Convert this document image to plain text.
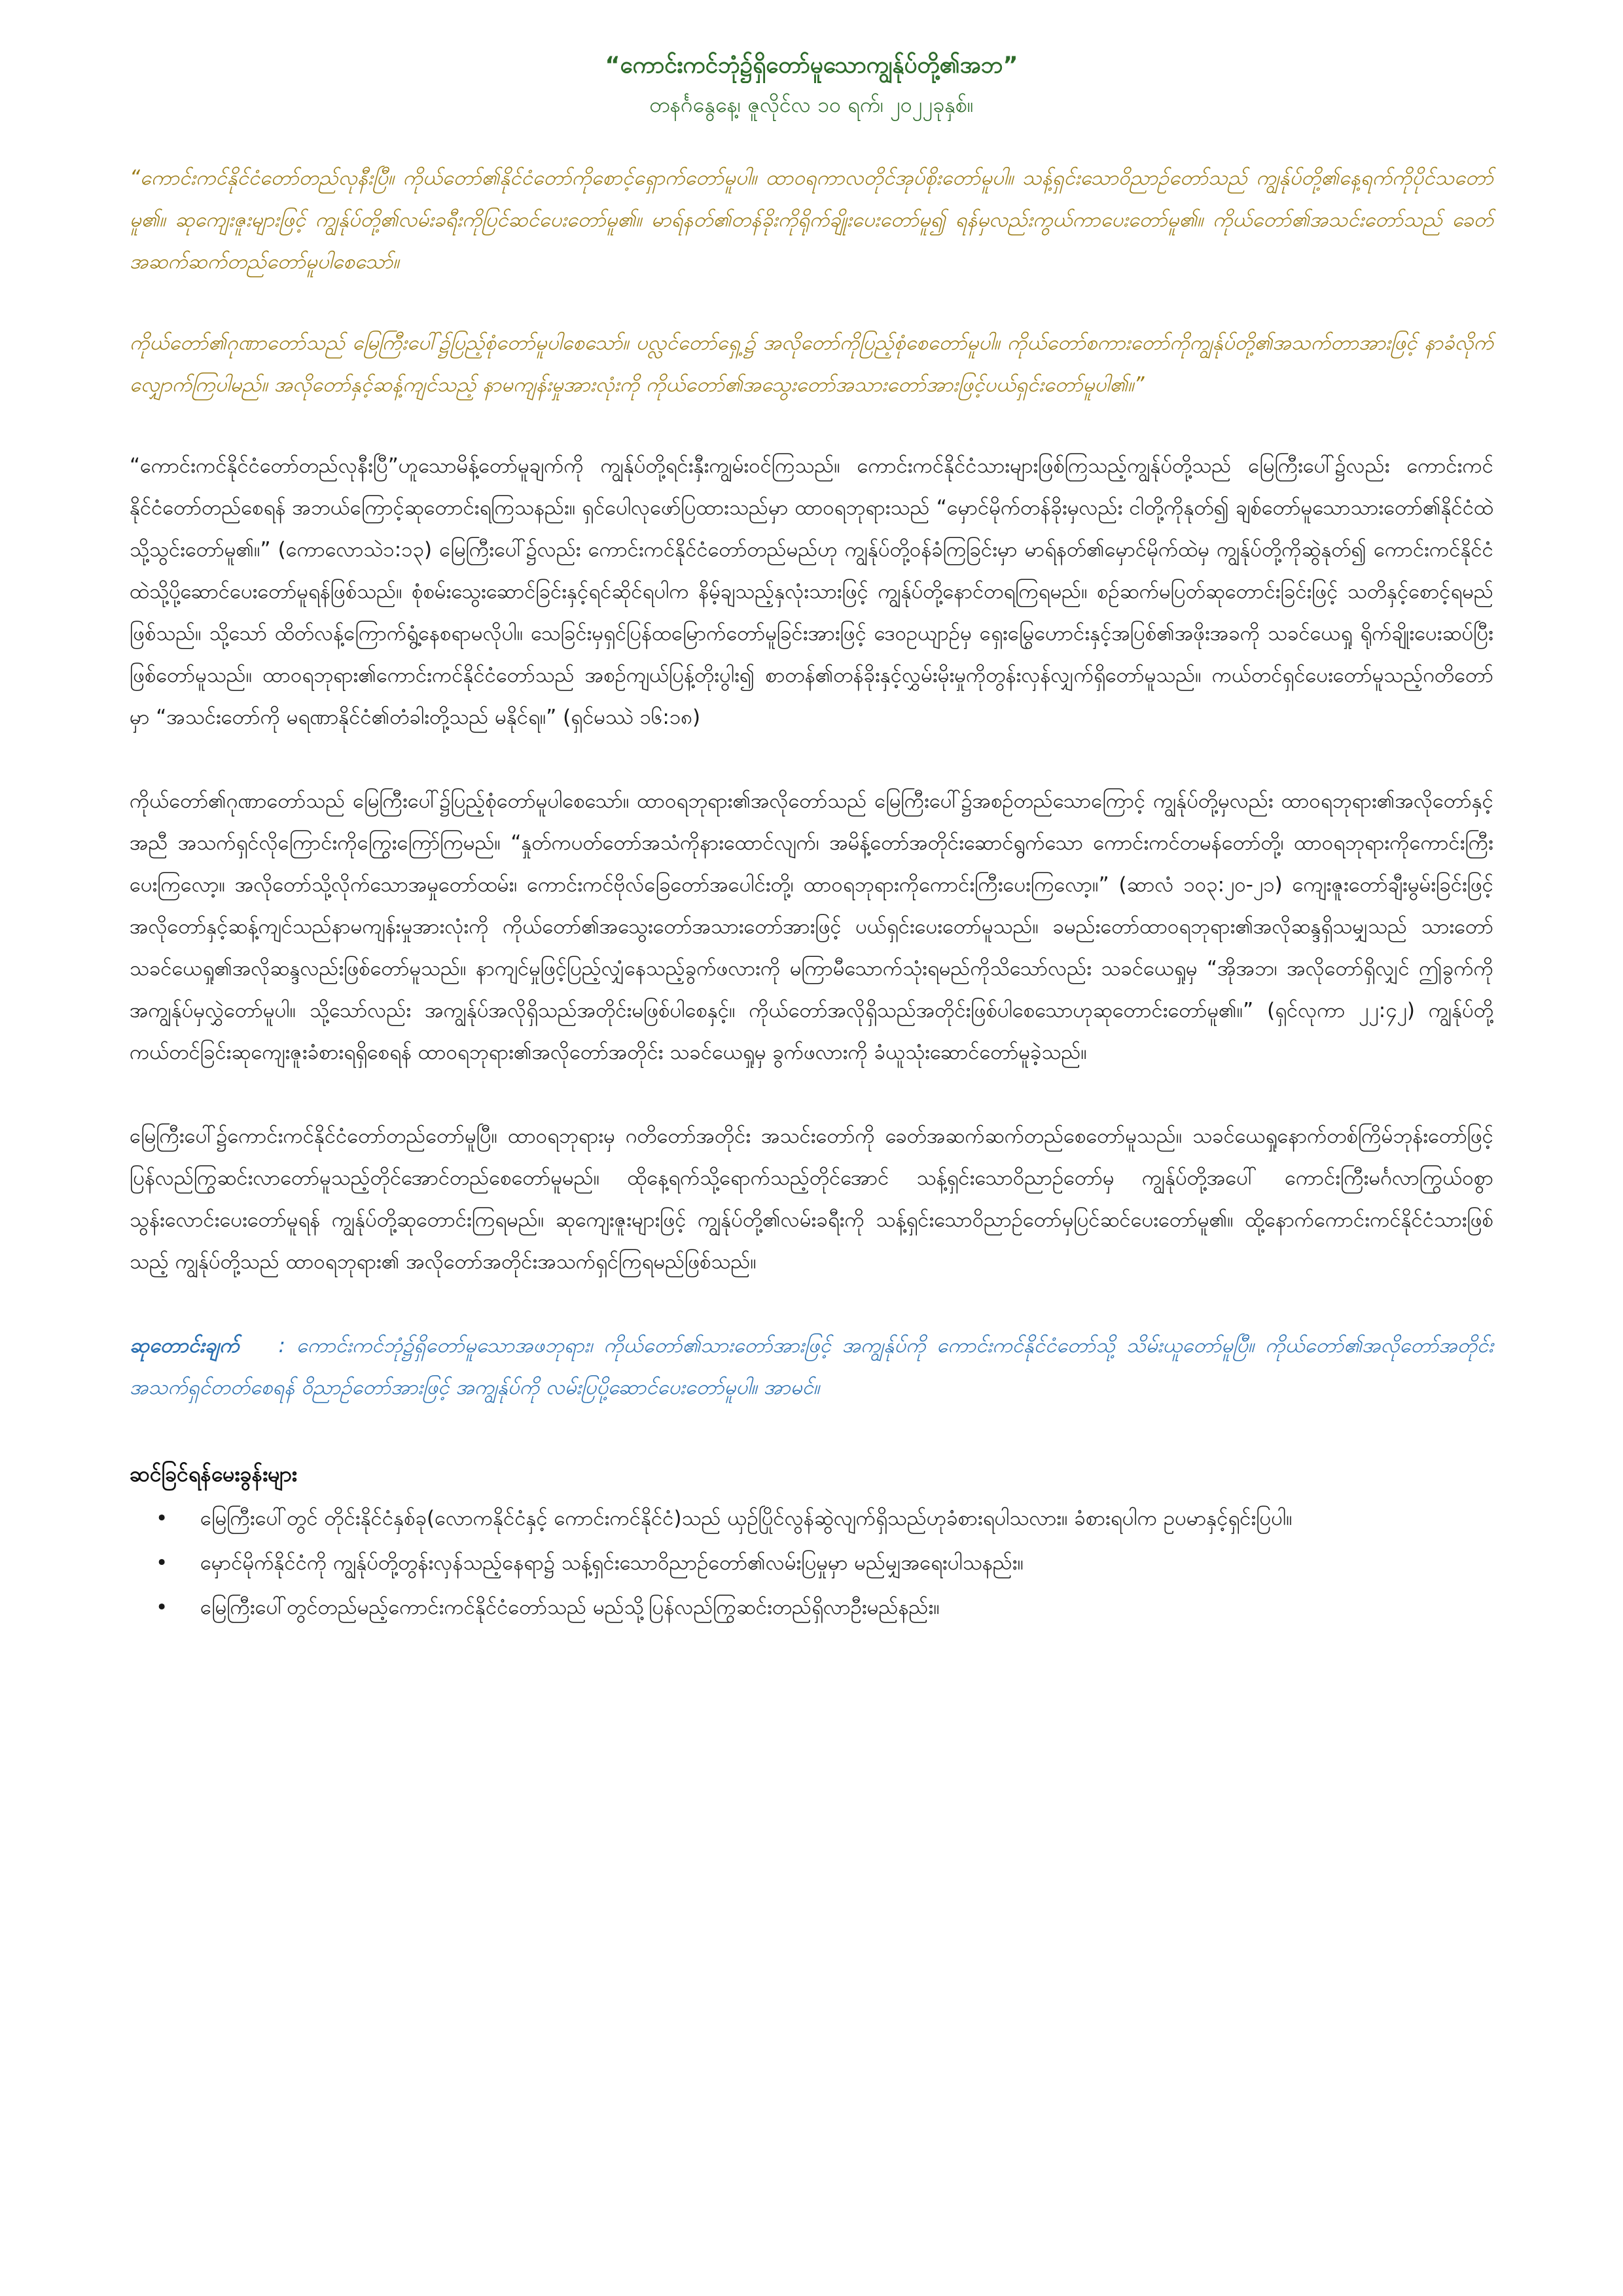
“ကောင်းကင်ဘုံ၌ရှိတော်မူသောကျွန်ုပ်တို့၏အဘ”

တနင်္ဂနွေနေ့၊ ဇူလိုင်လ ၁၀ ရက်၊ ၂၀၂၂ခုနှစ်။

“ကောင်းကင်နိုင်ငံတော်တည်လုနီးပြီ။ ကိုယ်တော်၏နိုင်ငံတော်ကိုစောင့်ရှောက်တော်မူပါ။ ထာဝရကာလတိုင်အုပ်စိုးတော်မူပါ။ သန့်ရှင်းသောဝိညာဉ်တော်သည် ကျွန်ုပ်တို့၏နေ့ရက်ကိုပိုင်သတော်မူ၏။ ဆုကျေးဇူးများဖြင့် ကျွန်ုပ်တို့၏လမ်းခရီးကိုပြင်ဆင်ပေးတော်မူ၏။ မာရ်နတ်၏တန်ခိုးကိုရိုက်ချိုးပေးတော်မူ၍ ရန်မှလည်းကွယ်ကာပေးတော်မူ၏။ ကိုယ်တော်၏အသင်းတော်သည် ခေတ်အဆက်ဆက်တည်တော်မူပါစေသော်။

ကိုယ်တော်၏ဂုဏာတော်သည် မြေကြီးပေါ်၌ပြည့်စုံတော်မူပါစေသော်။ ပလ္လင်တော်ရှေ့၌ အလိုတော်ကိုပြည့်စုံစေတော်မူပါ။ ကိုယ်တော်စကားတော်ကိုကျွန်ုပ်တို့၏အသက်တာအားဖြင့် နာခံလိုက်လျှောက်ကြပါမည်။ အလိုတော်နှင့်ဆန့်ကျင်သည့် နာမကျန်းမှုအားလုံးကို ကိုယ်တော်၏အသွေးတော်အသားတော်အားဖြင့်ပယ်ရှင်းတော်မူပါ၏။”

“ကောင်းကင်နိုင်ငံတော်တည်လုနီးပြီ”ဟူသောမိန့်တော်မူချက်ကို ကျွန်ုပ်တို့ရင်းနှီးကျွမ်းဝင်ကြသည်။ ကောင်းကင်နိုင်ငံသားများဖြစ်ကြသည့်ကျွန်ုပ်တို့သည် မြေကြီးပေါ်၌လည်း ကောင်းကင်နိုင်ငံတော်တည်စေရန် အဘယ်ကြောင့်ဆုတောင်းရကြသနည်း။ ရှင်ပေါလုဖော်ပြထားသည်မှာ ထာဝရဘုရားသည် “မှောင်မိုက်တန်ခိုးမှလည်း ငါတို့ကိုနုတ်၍ ချစ်တော်မူသောသားတော်၏နိုင်ငံထဲသို့သွင်းတော်မူ၏။” (ကောလောသဲ၁:၁၃) မြေကြီးပေါ်၌လည်း ကောင်းကင်နိုင်ငံတော်တည်မည်ဟု ကျွန်ုပ်တို့ဝန်ခံကြခြင်းမှာ မာရ်နတ်၏မှောင်မိုက်ထဲမှ ကျွန်ုပ်တို့ကိုဆွဲနုတ်၍ ကောင်းကင်နိုင်ငံထဲသို့ပို့ဆောင်ပေးတော်မူရန်ဖြစ်သည်။ စုံစမ်းသွေးဆောင်ခြင်းနှင့်ရင်ဆိုင်ရပါက နိမ့်ချသည့်နှလုံးသားဖြင့် ကျွန်ုပ်တို့နောင်တရကြရမည်။ စဉ်ဆက်မပြတ်ဆုတောင်းခြင်းဖြင့် သတိနှင့်စောင့်ရမည်ဖြစ်သည်။ သို့သော် ထိတ်လန့်ကြောက်ရွံ့နေစရာမလိုပါ။ သေခြင်းမှရှင်ပြန်ထမြောက်တော်မူခြင်းအားဖြင့် ဒေဝဥယျာဉ်မှ ရှေးမြွေဟောင်းနှင့်အပြစ်၏အဖိုးအခကို သခင်ယေရှု ရိုက်ချိုးပေးဆပ်ပြီးဖြစ်တော်မူသည်။ ထာဝရဘုရား၏ကောင်းကင်နိုင်ငံတော်သည် အစဉ်ကျယ်ပြန့်တိုးပွါး၍ စာတန်၏တန်ခိုးနှင့်လွှမ်းမိုးမှုကိုတွန်းလှန်လျှက်ရှိတော်မူသည်။ ကယ်တင်ရှင်ပေးတော်မူသည့်ဂတိတော်မှာ “အသင်းတော်ကို မရဏာနိုင်ငံ၏တံခါးတို့သည် မနိုင်ရ။” (ရှင်မဿဲ ၁၆:၁၈)

ကိုယ်တော်၏ဂုဏာတော်သည် မြေကြီးပေါ်၌ပြည့်စုံတော်မူပါစေသော်။ ထာဝရဘုရား၏အလိုတော်သည် မြေကြီးပေါ်၌အစဉ်တည်သောကြောင့် ကျွန်ုပ်တို့မှလည်း ထာဝရဘုရား၏အလိုတော်နှင့်အညီ အသက်ရှင်လိုကြောင်းကိုကြွေးကြော်ကြမည်။ “နှုတ်ကပတ်တော်အသံကိုနားထောင်လျက်၊ အမိန့်တော်အတိုင်းဆောင်ရွက်သော ကောင်းကင်တမန်တော်တို့၊ ထာဝရဘုရားကိုကောင်းကြီးပေးကြလော့။ အလိုတော်သို့လိုက်သောအမှုတော်ထမ်း၊ ကောင်းကင်ဗိုလ်ခြေတော်အပေါင်းတို့၊ ထာဝရဘုရားကိုကောင်းကြီးပေးကြလော့။” (ဆာလံ ၁၀၃:၂၀-၂၁) ကျေးဇူးတော်ချီးမွမ်းခြင်းဖြင့် အလိုတော်နှင့်ဆန့်ကျင်သည်နာမကျန်းမှုအားလုံးကို ကိုယ်တော်၏အသွေးတော်အသားတော်အားဖြင့် ပယ်ရှင်းပေးတော်မူသည်။ ခမည်းတော်ထာဝရဘုရား၏အလိုဆန္ဒရှိသမျှသည် သားတော်သခင်ယေရှု၏အလိုဆန္ဒလည်းဖြစ်တော်မူသည်။ နာကျင်မှုဖြင့်ပြည့်လျှံနေသည့်ခွက်ဖလားကို မကြာမီသောက်သုံးရမည်ကိုသိသော်လည်း သခင်ယေရှုမှ “အိုအဘ၊ အလိုတော်ရှိလျှင် ဤခွက်ကို အကျွန်ုပ်မှလွှဲတော်မူပါ။ သို့သော်လည်း အကျွန်ုပ်အလိုရှိသည်အတိုင်းမဖြစ်ပါစေနှင့်။ ကိုယ်တော်အလိုရှိသည်အတိုင်းဖြစ်ပါစေသောဟုဆုတောင်းတော်မူ၏။” (ရှင်လုကာ ၂၂:၄၂) ကျွန်ုပ်တို့ ကယ်တင်ခြင်းဆုကျေးဇူးခံစားရရှိစေရန် ထာဝရဘုရား၏အလိုတော်အတိုင်း သခင်ယေရှုမှ ခွက်ဖလားကို ခံယူသုံးဆောင်တော်မူခဲ့သည်။

မြေကြီးပေါ်၌ကောင်းကင်နိုင်ငံတော်တည်တော်မူပြီ။ ထာဝရဘုရားမှ ဂတိတော်အတိုင်း အသင်းတော်ကို ခေတ်အဆက်ဆက်တည်စေတော်မူသည်။ သခင်ယေရှုနောက်တစ်ကြိမ်ဘုန်းတော်ဖြင့် ပြန်လည်ကြွဆင်းလာတော်မူသည့်တိုင်အောင်တည်စေတော်မူမည်။ ထိုနေ့ရက်သို့ရောက်သည့်တိုင်အောင် သန့်ရှင်းသောဝိညာဉ်တော်မှ ကျွန်ုပ်တို့အပေါ် ကောင်းကြီးမင်္ဂလာကြွယ်ဝစွာသွန်းလောင်းပေးတော်မူရန် ကျွန်ုပ်တို့ဆုတောင်းကြရမည်။ ဆုကျေးဇူးများဖြင့် ကျွန်ုပ်တို့၏လမ်းခရီးကို သန့်ရှင်းသောဝိညာဉ်တော်မှပြင်ဆင်ပေးတော်မူ၏။ ထို့နောက်ကောင်းကင်နိုင်ငံသားဖြစ်သည့် ကျွန်ုပ်တို့သည် ထာဝရဘုရား၏ အလိုတော်အတိုင်းအသက်ရှင်ကြရမည်ဖြစ်သည်။

ဆုတောင်းချက် : ကောင်းကင်ဘုံ၌ရှိတော်မူသောအဖဘုရား၊ ကိုယ်တော်၏သားတော်အားဖြင့် အကျွန်ုပ်ကို ကောင်းကင်နိုင်ငံတော်သို့ သိမ်းယူတော်မူပြီ။ ကိုယ်တော်၏အလိုတော်အတိုင်း အသက်ရှင်တတ်စေရန် ဝိညာဉ်တော်အားဖြင့် အကျွန်ုပ်ကို လမ်းပြပို့ဆောင်ပေးတော်မူပါ။ အာမင်။

ဆင်ခြင်ရန်မေးခွန်းများ
• မြေကြီးပေါ်တွင် တိုင်းနိုင်ငံနှစ်ခု(လောကနိုင်ငံနှင့် ကောင်းကင်နိုင်ငံ)သည် ယှဉ်ပြိုင်လွန်ဆွဲလျက်ရှိသည်ဟုခံစားရပါသလား။ ခံစားရပါက ဥပမာနှင့်ရှင်းပြပါ။
• မှောင်မိုက်နိုင်ငံကို ကျွန်ုပ်တို့တွန်းလှန်သည့်နေရာ၌ သန့်ရှင်းသောဝိညာဉ်တော်၏လမ်းပြမှုမှာ မည်မျှအရေးပါသနည်း။
• မြေကြီးပေါ်တွင်တည်မည့်ကောင်းကင်နိုင်ငံတော်သည် မည်သို့ပြန်လည်ကြွဆင်းတည်ရှိလာဦးမည်နည်း။
